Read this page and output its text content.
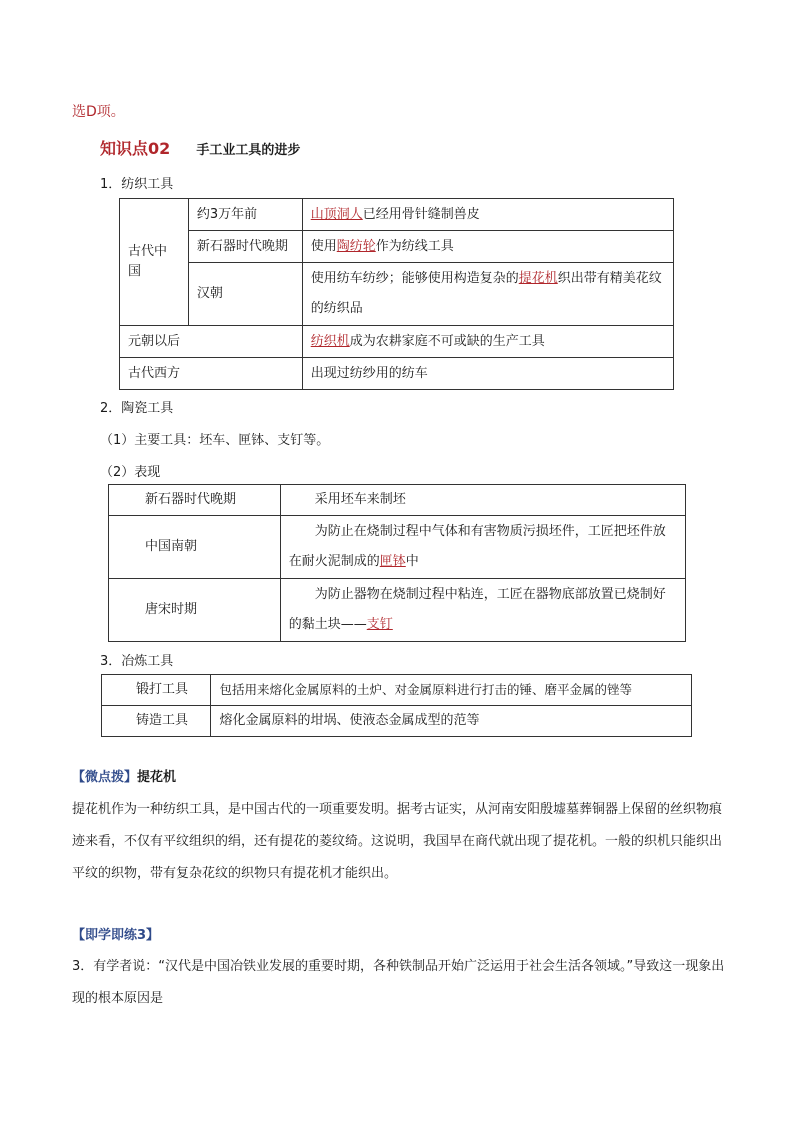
选D项。
知识点02 手工业工具的进步
1．纺织工具
古代中国	约3万年前	山顶洞人已经用骨针缝制兽皮
	新石器时代晚期	使用陶纺轮作为纺线工具
	汉朝	使用纺车纺纱；能够使用构造复杂的提花机织出带有精美花纹的纺织品
元朝以后		纺织机成为农耕家庭不可或缺的生产工具
古代西方		出现过纺纱用的纺车
2．陶瓷工具
（1）主要工具：坯车、匣钵、支钉等。
（2）表现
新石器时代晚期	采用坯车来制坯
中国南朝	为防止在烧制过程中气体和有害物质污损坯件，工匠把坯件放在耐火泥制成的匣钵中
唐宋时期	为防止器物在烧制过程中粘连，工匠在器物底部放置已烧制好的黏土块——支钉
3．冶炼工具
锻打工具	包括用来熔化金属原料的土炉、对金属原料进行打击的锤、磨平金属的锉等
铸造工具	熔化金属原料的坩埚、使液态金属成型的范等
【微点拨】提花机
提花机作为一种纺织工具，是中国古代的一项重要发明。据考古证实，从河南安阳殷墟墓葬铜器上保留的丝织物痕迹来看，不仅有平纹组织的绢，还有提花的菱纹绮。这说明，我国早在商代就出现了提花机。一般的织机只能织出平纹的织物，带有复杂花纹的织物只有提花机才能织出。
【即学即练3】
3．有学者说：“汉代是中国冶铁业发展的重要时期，各种铁制品开始广泛运用于社会生活各领域。”导致这一现象出现的根本原因是
